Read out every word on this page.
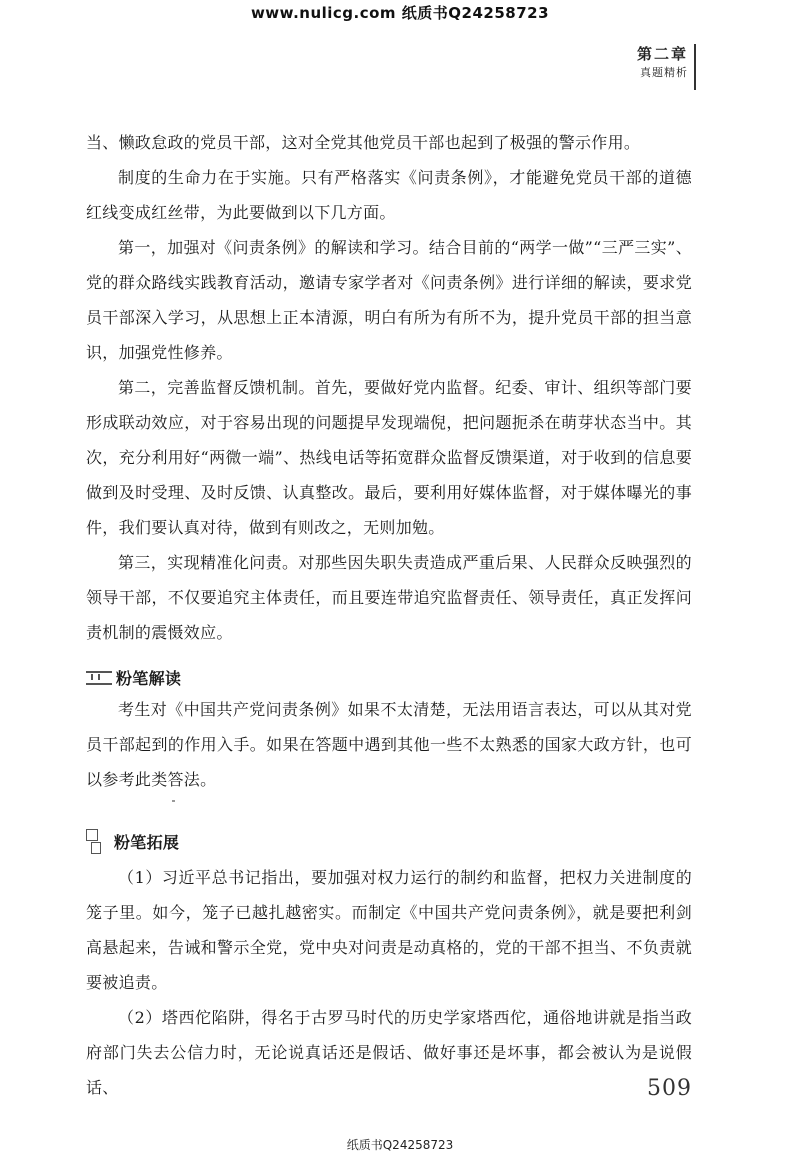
www.nulicg.com 纸质书Q24258723
第二章
真题精析

当、懒政怠政的党员干部，这对全党其他党员干部也起到了极强的警示作用。

制度的生命力在于实施。只有严格落实《问责条例》，才能避免党员干部的道德红线变成红丝带，为此要做到以下几方面。

第一，加强对《问责条例》的解读和学习。结合目前的“两学一做”“三严三实”、党的群众路线实践教育活动，邀请专家学者对《问责条例》进行详细的解读，要求党员干部深入学习，从思想上正本清源，明白有所为有所不为，提升党员干部的担当意识，加强党性修养。

第二，完善监督反馈机制。首先，要做好党内监督。纪委、审计、组织等部门要形成联动效应，对于容易出现的问题提早发现端倪，把问题扼杀在萌芽状态当中。其次，充分利用好“两微一端”、热线电话等拓宽群众监督反馈渠道，对于收到的信息要做到及时受理、及时反馈、认真整改。最后，要利用好媒体监督，对于媒体曝光的事件，我们要认真对待，做到有则改之，无则加勉。

第三，实现精准化问责。对那些因失职失责造成严重后果、人民群众反映强烈的领导干部，不仅要追究主体责任，而且要连带追究监督责任、领导责任，真正发挥问责机制的震慑效应。

粉笔解读

考生对《中国共产党问责条例》如果不太清楚，无法用语言表达，可以从其对党员干部起到的作用入手。如果在答题中遇到其他一些不太熟悉的国家大政方针，也可以参考此类答法。

粉笔拓展

（1）习近平总书记指出，要加强对权力运行的制约和监督，把权力关进制度的笼子里。如今，笼子已越扎越密实。而制定《中国共产党问责条例》，就是要把利剑高悬起来，告诫和警示全党，党中央对问责是动真格的，党的干部不担当、不负责就要被追责。

（2）塔西佗陷阱，得名于古罗马时代的历史学家塔西佗，通俗地讲就是指当政府部门失去公信力时，无论说真话还是假话、做好事还是坏事，都会被认为是说假话、	509
纸质书Q24258723
